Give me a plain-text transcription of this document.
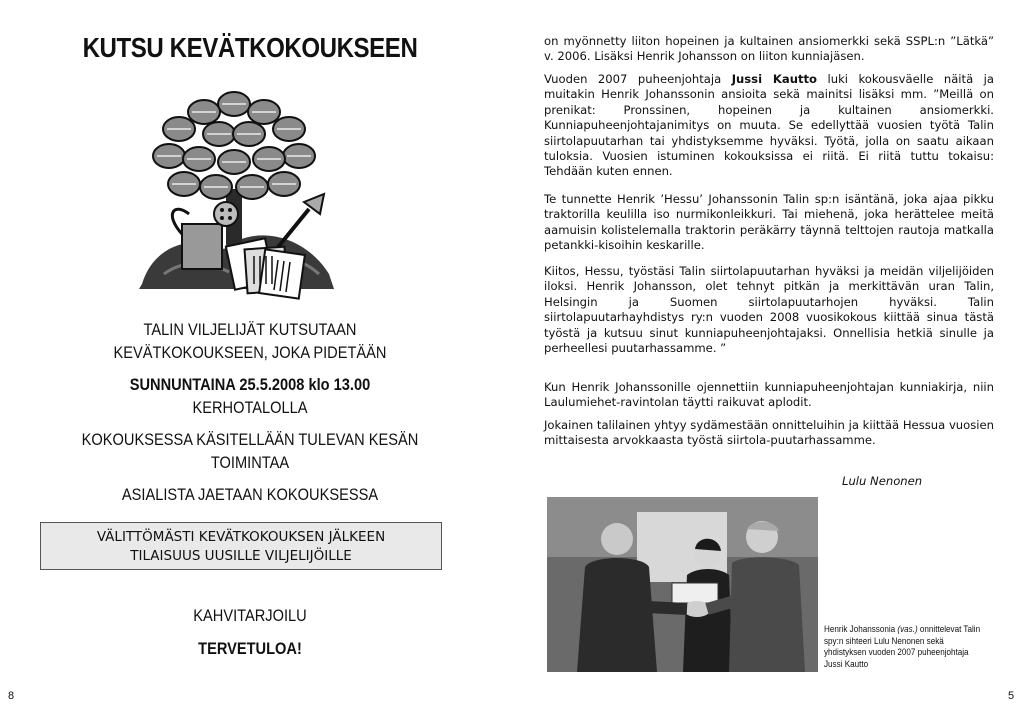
KUTSU KEVÄTKOKOUKSEEN
TALIN VILJELIJÄT KUTSUTAAN
KEVÄTKOKOUKSEEN, JOKA PIDETÄÄN
SUNNUNTAINA 25.5.2008 klo 13.00
KERHOTALOLLA
KOKOUKSESSA KÄSITELLÄÄN TULEVAN KESÄN
TOIMINTAA
ASIALISTA JAETAAN KOKOUKSESSA
VÄLITTÖMÄSTI KEVÄTKOKOUKSEN JÄLKEEN
TILAISUUS UUSILLE VILJELIJÖILLE
KAHVITARJOILU
TERVETULOA!
8

on myönnetty liiton hopeinen ja kultainen ansiomerkki sekä SSPL:n ”Lätkä” v. 2006. Lisäksi Henrik Johansson on liiton kunniajäsen.

Vuoden 2007 puheenjohtaja Jussi Kautto luki kokousväelle näitä ja muitakin Henrik Johanssonin ansioita sekä mainitsi lisäksi mm. ”Meillä on prenikat: Pronssinen, hopeinen ja kultainen ansiomerkki. Kunniapuheenjohtajanimitys on muuta. Se edellyttää vuosien työtä Talin siirtolapuutarhan tai yhdistyksemme hyväksi. Työtä, jolla on saatu aikaan tuloksia. Vuosien istuminen kokouksissa ei riitä. Ei riitä tuttu tokaisu: Tehdään kuten ennen.

Te tunnette Henrik ’Hessu’ Johanssonin Talin sp:n isäntänä, joka ajaa pikku traktorilla keulilla iso nurmikonleikkuri. Tai miehenä, joka herättelee meitä aamuisin kolistelemalla traktorin peräkärry täynnä telttojen rautoja matkalla petankki-kisoihin keskarille.

Kiitos, Hessu, työstäsi Talin siirtolapuutarhan hyväksi ja meidän viljelijöiden iloksi. Henrik Johansson, olet tehnyt pitkän ja merkittävän uran Talin, Helsingin ja Suomen siirtolapuutarhojen hyväksi. Talin siirtolapuutarhayhdistys ry:n vuoden 2008 vuosikokous kiittää sinua tästä työstä ja kutsuu sinut kunniapuheenjohtajaksi. Onnellisia hetkiä sinulle ja perheellesi puutarhassamme. ”

Kun Henrik Johanssonille ojennettiin kunniapuheenjohtajan kunniakirja, niin Laulumiehet-ravintolan täytti raikuvat aplodit.

Jokainen talilainen yhtyy sydämestään onnitteluihin ja kiittää Hessua vuosien mittaisesta arvokkaasta työstä siirtola-puutarhassamme.

Lulu Nenonen
Henrik Johanssonia (vas.) onnittelevat Talin spy:n sihteeri Lulu Nenonen sekä yhdistyksen vuoden 2007 puheenjohtaja Jussi Kautto
5
